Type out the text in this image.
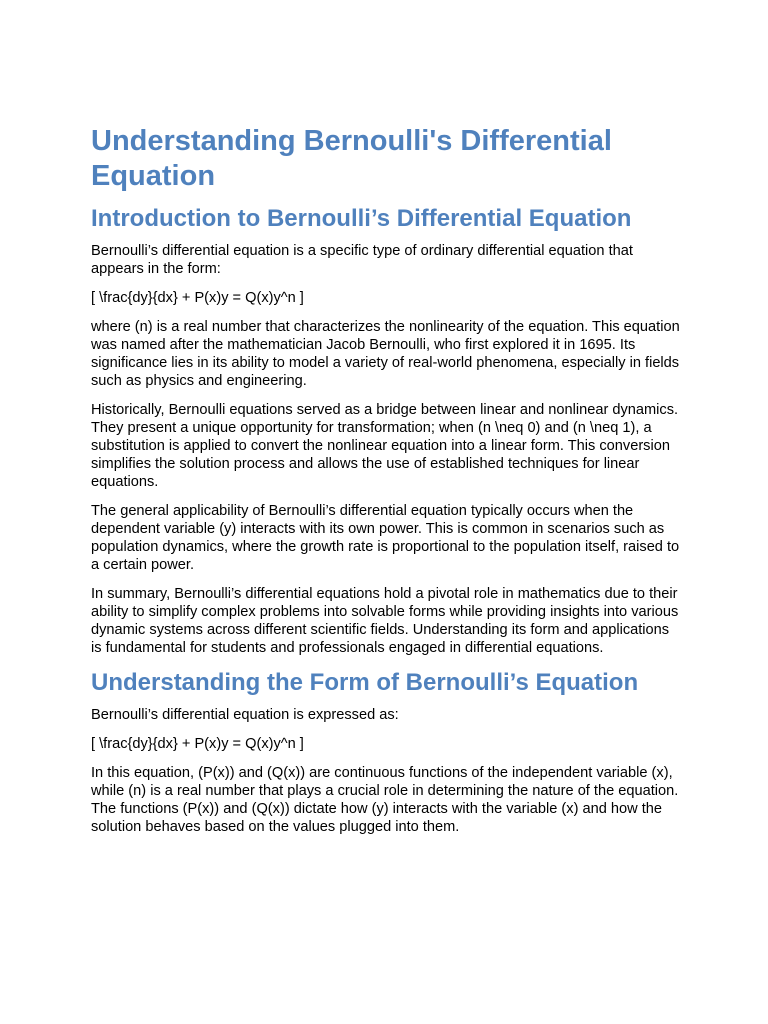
Understanding Bernoulli's Differential Equation
Introduction to Bernoulli’s Differential Equation

Bernoulli’s differential equation is a specific type of ordinary differential equation that appears in the form:

[ \frac{dy}{dx} + P(x)y = Q(x)y^n ]

where (n) is a real number that characterizes the nonlinearity of the equation. This equation was named after the mathematician Jacob Bernoulli, who first explored it in 1695. Its significance lies in its ability to model a variety of real-world phenomena, especially in fields such as physics and engineering.

Historically, Bernoulli equations served as a bridge between linear and nonlinear dynamics. They present a unique opportunity for transformation; when (n \neq 0) and (n \neq 1), a substitution is applied to convert the nonlinear equation into a linear form. This conversion simplifies the solution process and allows the use of established techniques for linear equations.

The general applicability of Bernoulli’s differential equation typically occurs when the dependent variable (y) interacts with its own power. This is common in scenarios such as population dynamics, where the growth rate is proportional to the population itself, raised to a certain power.

In summary, Bernoulli’s differential equations hold a pivotal role in mathematics due to their ability to simplify complex problems into solvable forms while providing insights into various dynamic systems across different scientific fields. Understanding its form and applications is fundamental for students and professionals engaged in differential equations.

Understanding the Form of Bernoulli’s Equation

Bernoulli’s differential equation is expressed as:

[ \frac{dy}{dx} + P(x)y = Q(x)y^n ]

In this equation, (P(x)) and (Q(x)) are continuous functions of the independent variable (x), while (n) is a real number that plays a crucial role in determining the nature of the equation. The functions (P(x)) and (Q(x)) dictate how (y) interacts with the variable (x) and how the solution behaves based on the values plugged into them.
